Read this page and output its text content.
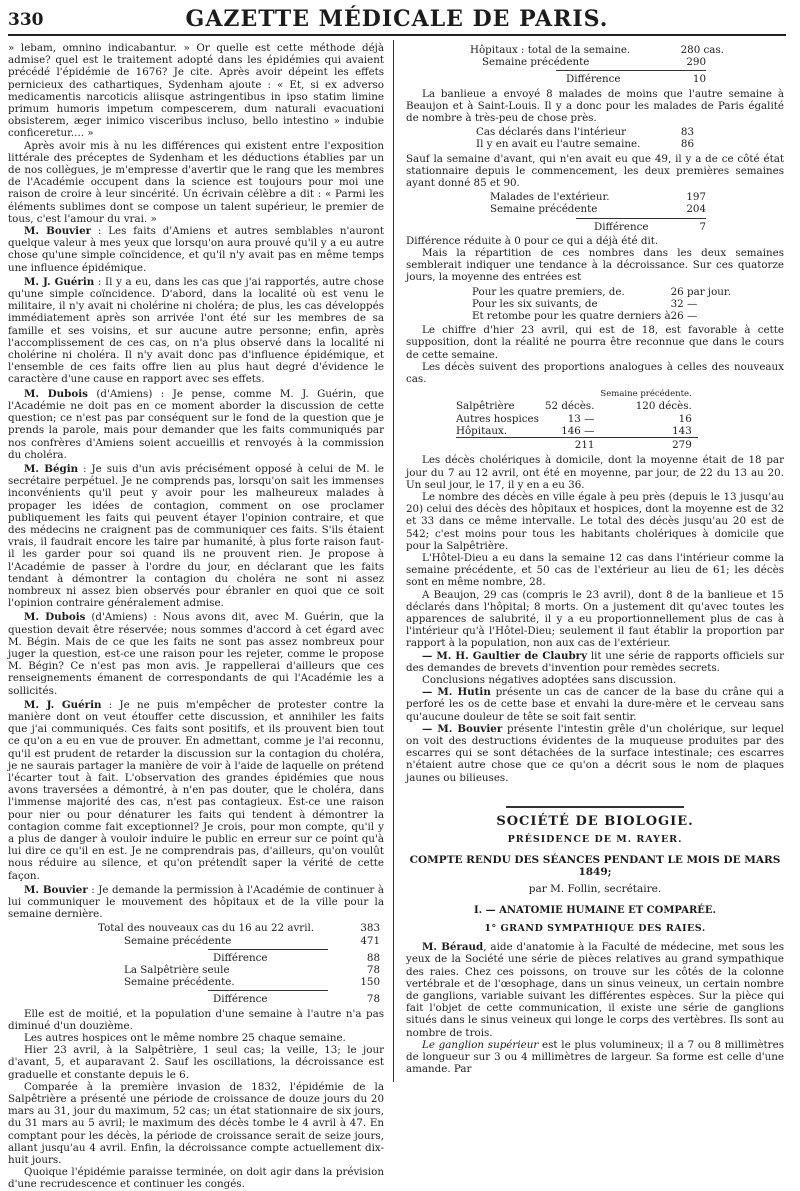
330	GAZETTE MÉDICALE DE PARIS.

» lebam, omnino indicabantur. » Or quelle est cette méthode déjà admise? quel est le traitement adopté dans les épidémies qui avaient précédé l'épidémie de 1676? Je cite. Après avoir dépeint les effets pernicieux des cathartiques, Sydenham ajoute : « Et, si ex adverso medicamentis narcoticis aliisque astringentibus in ipso statim limine primum humoris impetum compescerem, dum naturali evacuationi obsisterem, æger inimico visceribus incluso, bello intestino » indubie conficeretur.... »

Après avoir mis à nu les différences qui existent entre l'exposition littérale des préceptes de Sydenham et les déductions établies par un de nos collègues, je m'empresse d'avertir que le rang que les membres de l'Académie occupent dans la science est toujours pour moi une raison de croire à leur sincérité. Un écrivain célèbre a dit : « Parmi les éléments sublimes dont se compose un talent supérieur, le premier de tous, c'est l'amour du vrai. »

M. Bouvier : Les faits d'Amiens et autres semblables n'auront quelque valeur à mes yeux que lorsqu'on aura prouvé qu'il y a eu autre chose qu'une simple coïncidence, et qu'il n'y avait pas en même temps une influence épidémique.

M. J. Guérin : Il y a eu, dans les cas que j'ai rapportés, autre chose qu'une simple coïncidence. D'abord, dans la localité où est venu le militaire, il n'y avait ni cholérine ni choléra; de plus, les cas développés immédiatement après son arrivée l'ont été sur les membres de sa famille et ses voisins, et sur aucune autre personne; enfin, après l'accomplissement de ces cas, on n'a plus observé dans la localité ni cholérine ni choléra. Il n'y avait donc pas d'influence épidémique, et l'ensemble de ces faits offre lien au plus haut degré d'évidence le caractère d'une cause en rapport avec ses effets.

M. Dubois (d'Amiens) : Je pense, comme M. J. Guérin, que l'Académie ne doit pas en ce moment aborder la discussion de cette question; ce n'est pas par conséquent sur le fond de la question que je prends la parole, mais pour demander que les faits communiqués par nos confrères d'Amiens soient accueillis et renvoyés à la commission du choléra.

M. Bégin : Je suis d'un avis précisément opposé à celui de M. le secrétaire perpétuel. Je ne comprends pas, lorsqu'on sait les immenses inconvénients qu'il peut y avoir pour les malheureux malades à propager les idées de contagion, comment on ose proclamer publiquement les faits qui peuvent étayer l'opinion contraire, et que des médecins ne craignent pas de communiquer ces faits. S'ils étaient vrais, il faudrait encore les taire par humanité, à plus forte raison faut-il les garder pour soi quand ils ne prouvent rien. Je propose à l'Académie de passer à l'ordre du jour, en déclarant que les faits tendant à démontrer la contagion du choléra ne sont ni assez nombreux ni assez bien observés pour ébranler en quoi que ce soit l'opinion contraire généralement admise.

M. Dubois (d'Amiens) : Nous avons dit, avec M. Guérin, que la question devait être réservée; nous sommes d'accord à cet égard avec M. Bégin. Mais de ce que les faits ne sont pas assez nombreux pour juger la question, est-ce une raison pour les rejeter, comme le propose M. Bégin? Ce n'est pas mon avis. Je rappellerai d'ailleurs que ces renseignements émanent de correspondants de qui l'Académie les a sollicités.

M. J. Guérin : Je ne puis m'empêcher de protester contre la manière dont on veut étouffer cette discussion, et annihiler les faits que j'ai communiqués. Ces faits sont positifs, et ils prouvent bien tout ce qu'on a eu en vue de prouver. En admettant, comme je l'ai reconnu, qu'il est prudent de retarder la discussion sur la contagion du choléra, je ne saurais partager la manière de voir à l'aide de laquelle on prétend l'écarter tout à fait. L'observation des grandes épidémies que nous avons traversées a démontré, à n'en pas douter, que le choléra, dans l'immense majorité des cas, n'est pas contagieux. Est-ce une raison pour nier ou pour dénaturer les faits qui tendent à démontrer la contagion comme fait exceptionnel? Je crois, pour mon compte, qu'il y a plus de danger à vouloir induire le public en erreur sur ce point qu'à lui dire ce qu'il en est. Je ne comprendrais pas, d'ailleurs, qu'on voulût nous réduire au silence, et qu'on prétendît saper la vérité de cette façon.

M. Bouvier : Je demande la permission à l'Académie de continuer à lui communiquer le mouvement des hôpitaux et de la ville pour la semaine dernière.

Total des nouveaux cas du 16 au 22 avril.	383
Semaine précédente	471
Différence	88
La Salpêtrière seule	78
Semaine précédente.	150
Différence	78

Elle est de moitié, et la population d'une semaine à l'autre n'a pas diminué d'un douzième.

Les autres hospices ont le même nombre 25 chaque semaine.

Hier 23 avril, à la Salpêtrière, 1 seul cas; la veille, 13; le jour d'avant, 5, et auparavant 2. Sauf les oscillations, la décroissance est graduelle et constante depuis le 6.

Comparée à la première invasion de 1832, l'épidémie de la Salpêtrière a présenté une période de croissance de douze jours du 20 mars au 31, jour du maximum, 52 cas; un état stationnaire de six jours, du 31 mars au 5 avril; le maximum des décès tombe le 4 avril à 47. En comptant pour les décès, la période de croissance serait de seize jours, allant jusqu'au 4 avril. Enfin, la décroissance compte actuellement dix-huit jours.

Quoique l'épidémie paraisse terminée, on doit agir dans la prévision d'une recrudescence et continuer les congés.

Hôpitaux : total de la semaine.	280 cas.
Semaine précédente	290
Différence	10

La banlieue a envoyé 8 malades de moins que l'autre semaine à Beaujon et à Saint-Louis. Il y a donc pour les malades de Paris égalité de nombre à très-peu de chose près.

Cas déclarés dans l'intérieur	83
Il y en avait eu l'autre semaine.	86

Sauf la semaine d'avant, qui n'en avait eu que 49, il y a de ce côté état stationnaire depuis le commencement, les deux premières semaines ayant donné 85 et 90.

Malades de l'extérieur.	197
Semaine précédente	204
Différence	7

Différence réduite à 0 pour ce qui a déjà été dit.

Mais la répartition de ces nombres dans les deux semaines semblerait indiquer une tendance à la décroissance. Sur ces quatorze jours, la moyenne des entrées est

Pour les quatre premiers, de.	26 par jour.
Pour les six suivants, de	32 —
Et retombe pour les quatre derniers à	26 —

Le chiffre d'hier 23 avril, qui est de 18, est favorable à cette supposition, dont la réalité ne pourra être reconnue que dans le cours de cette semaine.

Les décès suivent des proportions analogues à celles des nouveaux cas.

		Semaine précédente.
Salpêtrière	52 décès.	120 décès.
Autres hospices	13 —	16
Hôpitaux.	146 —	143
	211	279

Les décès cholériques à domicile, dont la moyenne était de 18 par jour du 7 au 12 avril, ont été en moyenne, par jour, de 22 du 13 au 20. Un seul jour, le 17, il y en a eu 36.

Le nombre des décès en ville égale à peu près (depuis le 13 jusqu'au 20) celui des décès des hôpitaux et hospices, dont la moyenne est de 32 et 33 dans ce même intervalle. Le total des décès jusqu'au 20 est de 542; c'est moins pour tous les habitants cholériques à domicile que pour la Salpêtrière.

L'Hôtel-Dieu a eu dans la semaine 12 cas dans l'intérieur comme la semaine précédente, et 50 cas de l'extérieur au lieu de 61; les décès sont en même nombre, 28.

A Beaujon, 29 cas (compris le 23 avril), dont 8 de la banlieue et 15 déclarés dans l'hôpital; 8 morts. On a justement dit qu'avec toutes les apparences de salubrité, il y a eu proportionnellement plus de cas à l'intérieur qu'à l'Hôtel-Dieu; seulement il faut établir la proportion par rapport à la population, non aux cas de l'extérieur.

— M. H. Gaultier de Claubry lit une série de rapports officiels sur des demandes de brevets d'invention pour remèdes secrets.

Conclusions négatives adoptées sans discussion.

— M. Hutin présente un cas de cancer de la base du crâne qui a perforé les os de cette base et envahi la dure-mère et le cerveau sans qu'aucune douleur de tête se soit fait sentir.

— M. Bouvier présente l'intestin grêle d'un cholérique, sur lequel on voit des destructions évidentes de la muqueuse produites par des escarres qui se sont détachées de la surface intestinale; ces escarres n'étaient autre chose que ce qu'on a décrit sous le nom de plaques jaunes ou bilieuses.

SOCIÉTÉ DE BIOLOGIE.
PRÉSIDENCE DE M. RAYER.
COMPTE RENDU DES SÉANCES PENDANT LE MOIS DE MARS 1849;
par M. Follin, secrétaire.
I. — ANATOMIE HUMAINE ET COMPARÉE.
1° GRAND SYMPATHIQUE DES RAIES.

M. Béraud, aide d'anatomie à la Faculté de médecine, met sous les yeux de la Société une série de pièces relatives au grand sympathique des raies. Chez ces poissons, on trouve sur les côtés de la colonne vertébrale et de l'œsophage, dans un sinus veineux, un certain nombre de ganglions, variable suivant les différentes espèces. Sur la pièce qui fait l'objet de cette communication, il existe une série de ganglions situés dans le sinus veineux qui longe le corps des vertèbres. Ils sont au nombre de trois.

Le ganglion supérieur est le plus volumineux; il a 7 ou 8 millimètres de longueur sur 3 ou 4 millimètres de largeur. Sa forme est celle d'une amande. Par
